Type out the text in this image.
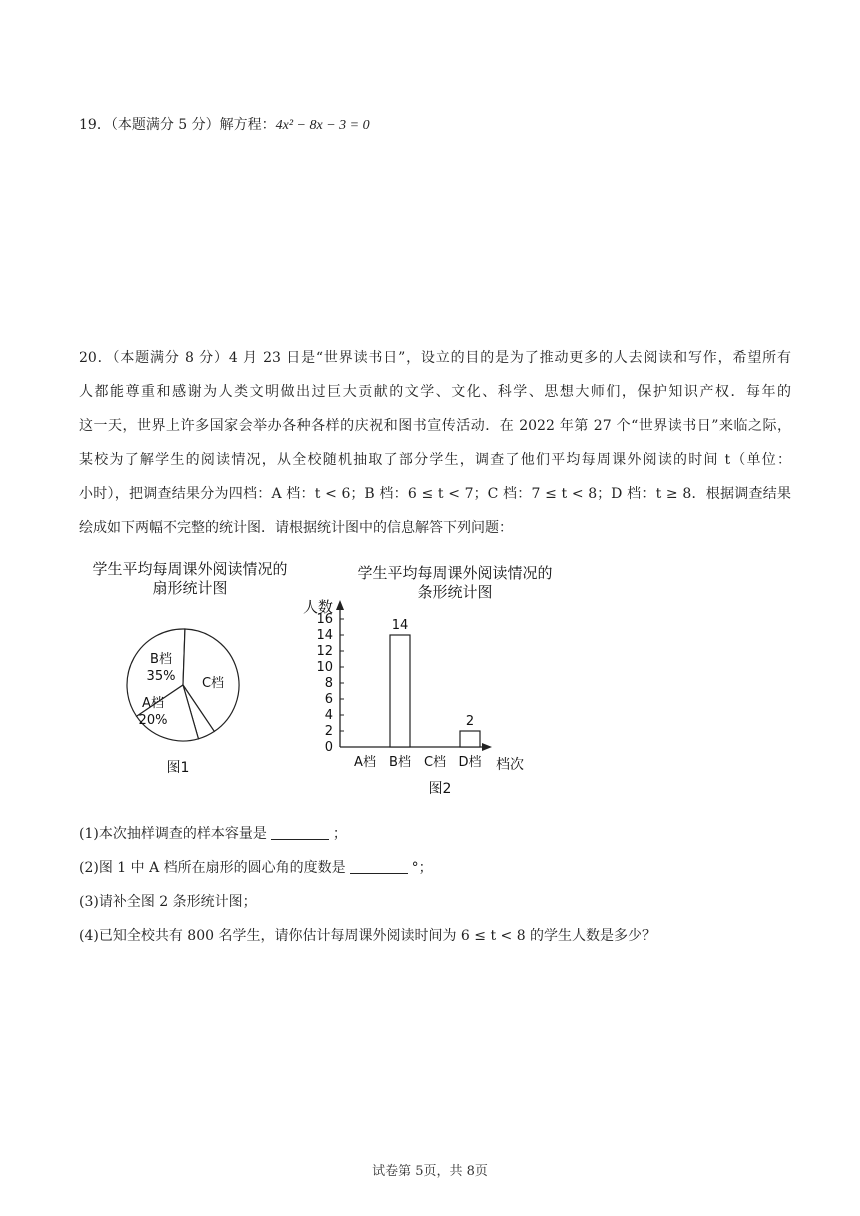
19．（本题满分 5 分）解方程：4x² − 8x − 3 = 0

20．（本题满分 8 分）4 月 23 日是“世界读书日”，设立的目的是为了推动更多的人去阅读和写作，希望所有

人都能尊重和感谢为人类文明做出过巨大贡献的文学、文化、科学、思想大师们，保护知识产权．每年的

这一天，世界上许多国家会举办各种各样的庆祝和图书宣传活动．在 2022 年第 27 个“世界读书日”来临之际，

某校为了解学生的阅读情况，从全校随机抽取了部分学生，调查了他们平均每周课外阅读的时间 t（单位：

小时），把调查结果分为四档：A 档：t < 6；B 档：6 ≤ t < 7；C 档：7 ≤ t < 8；D 档：t ≥ 8．根据调查结果

绘成如下两幅不完整的统计图．请根据统计图中的信息解答下列问题：

学生平均每周课外阅读情况的
扇形统计图
B档
35% C档
A档
20%
图1
学生平均每周课外阅读情况的
条形统计图
人数
0
2
4
6
8
10
12
14
16
A档 B档
14
C档 D档
2
档次
图2
(1)本次抽样调查的样本容量是	；
(2)图 1 中 A 档所在扇形的圆心角的度数是	°；
(3)请补全图 2 条形统计图；
(4)已知全校共有 800 名学生，请你估计每周课外阅读时间为 6 ≤ t < 8 的学生人数是多少？
试卷第 5页，共 8页
